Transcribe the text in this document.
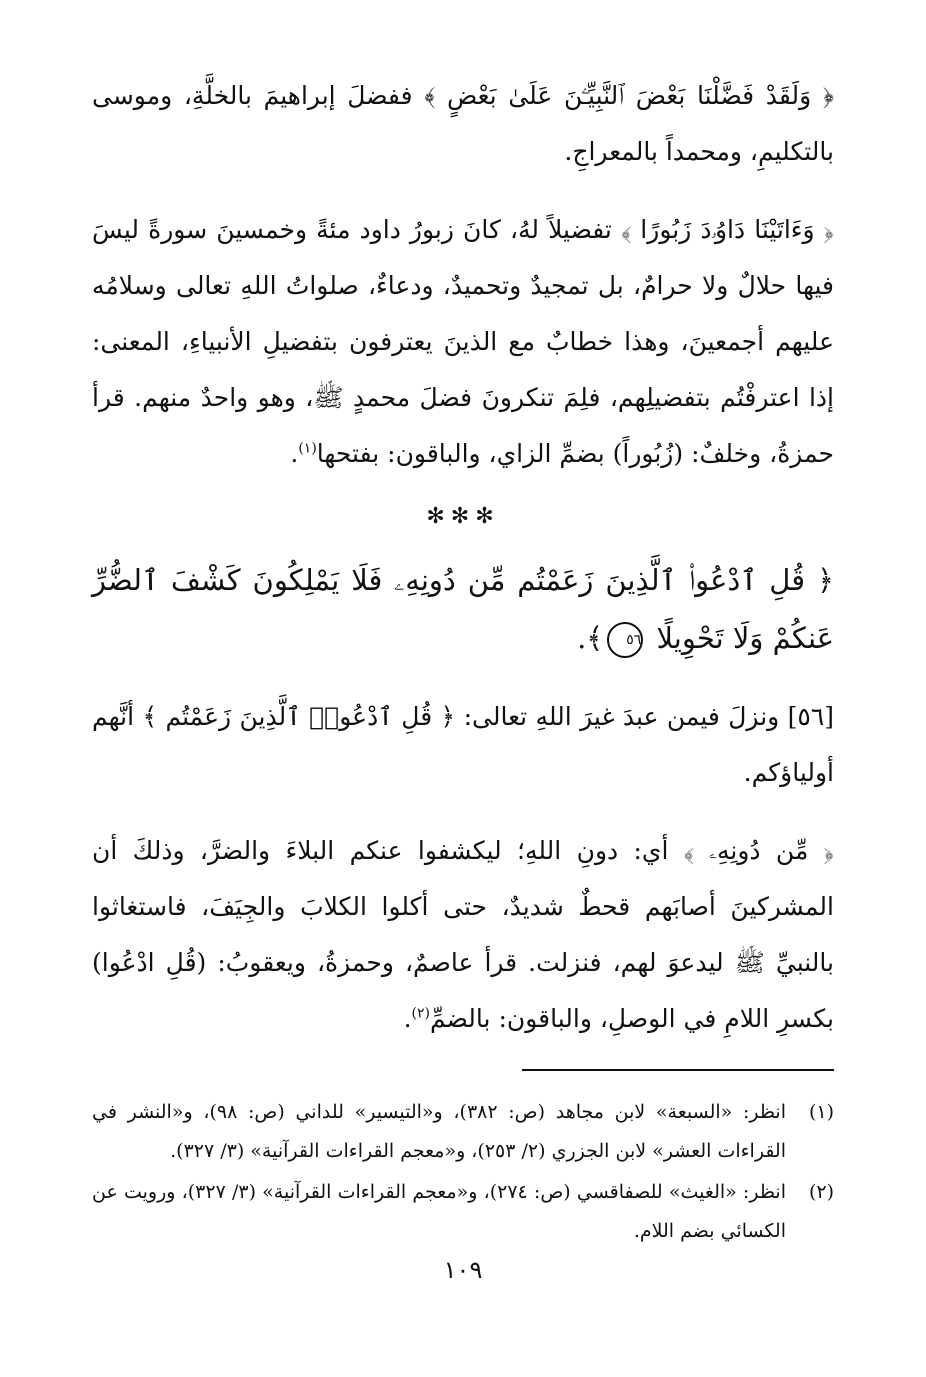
﴿ وَلَقَدْ فَضَّلْنَا بَعْضَ ٱلنَّبِيِّـۧنَ عَلَىٰ بَعْضٍ ﴾ ففضلَ إبراهيمَ بالخلَّةِ، وموسى بالتكليمِ، ومحمداً بالمعراجِ.

﴿ وَءَاتَيْنَا دَاوُۥدَ زَبُورًا ﴾ تفضيلاً لهُ، كانَ زبورُ داود مئةً وخمسينَ سورةً ليسَ فيها حلالٌ ولا حرامٌ، بل تمجيدٌ وتحميدٌ، ودعاءٌ، صلواتُ اللهِ تعالى وسلامُه عليهم أجمعينَ، وهذا خطابٌ مع الذينَ يعترفون بتفضيلِ الأنبياءِ، المعنى: إذا اعترفْتُم بتفضيلِهم، فلِمَ تنكرونَ فضلَ محمدٍ ﷺ، وهو واحدٌ منهم. قرأ حمزةُ، وخلفٌ: (زُبُوراً) بضمِّ الزاي، والباقون: بفتحها$^{(١)}$.

✻✻✻

﴿ قُلِ ٱدْعُوا۟ ٱلَّذِينَ زَعَمْتُم مِّن دُونِهِۦ فَلَا يَمْلِكُونَ كَشْفَ ٱلضُّرِّ عَنكُمْ وَلَا تَحْوِيلًا ٥٦﴾.

[٥٦] ونزلَ فيمن عبدَ غيرَ اللهِ تعالى: ﴿ قُلِ ٱدْعُوا۟ ٱلَّذِينَ زَعَمْتُم ﴾ أنَّهم أولياؤكم.

﴿ مِّن دُونِهِۦ ﴾ أي: دونِ اللهِ؛ ليكشفوا عنكم البلاءَ والضرَّ، وذلكَ أن المشركينَ أصابَهم قحطٌ شديدٌ، حتى أكلوا الكلابَ والجِيَفَ، فاستغاثوا بالنبيِّ ﷺ ليدعوَ لهم، فنزلت. قرأ عاصمٌ، وحمزةُ، ويعقوبُ: (قُلِ ادْعُوا) بكسرِ اللامِ في الوصلِ، والباقون: بالضمِّ$^{(٢)}$.

(١)
انظر: «السبعة» لابن مجاهد (ص: ٣٨٢)، و«التيسير» للداني (ص: ٩٨)، و«النشر في القراءات العشر» لابن الجزري (٢/ ٢٥٣)، و«معجم القراءات القرآنية» (٣/ ٣٢٧).
(٢)
انظر: «الغيث» للصفاقسي (ص: ٢٧٤)، و«معجم القراءات القرآنية» (٣/ ٣٢٧)، ورويت عن الكسائي بضم اللام.
١٠٩
